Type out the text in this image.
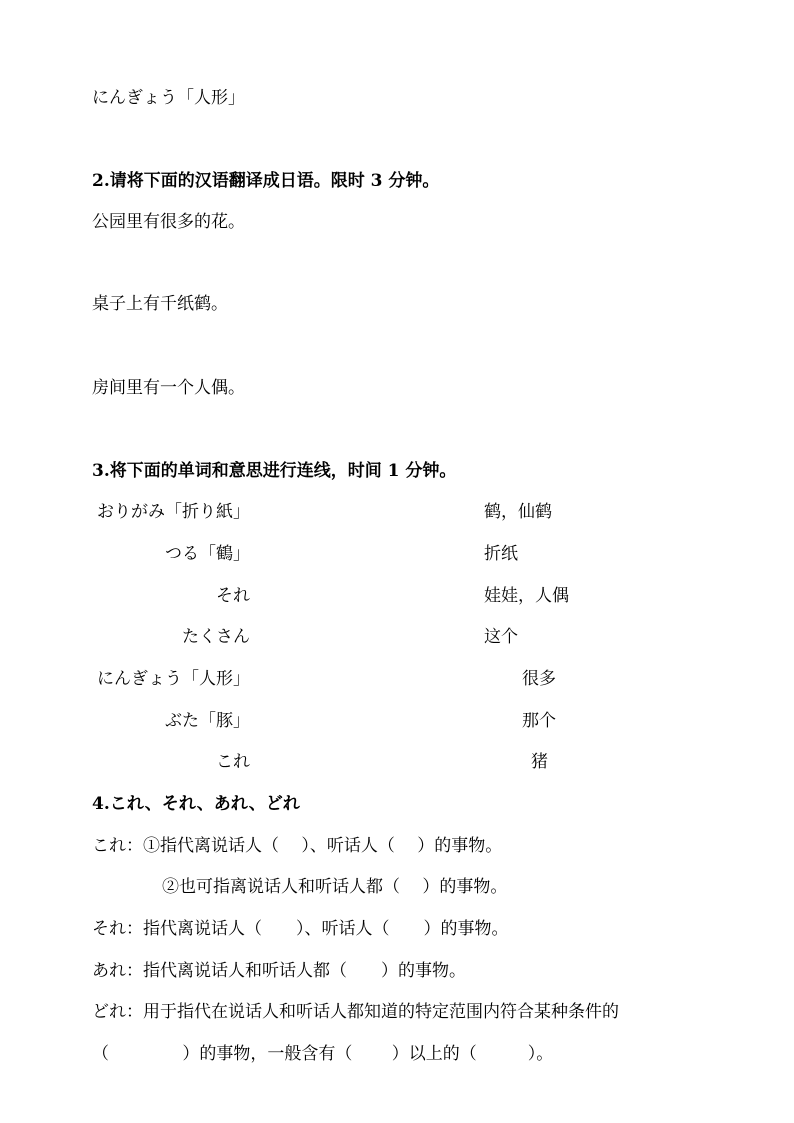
にんぎょう「人形」
2.请将下面的汉语翻译成日语。限时 3 分钟。
公园里有很多的花。
桌子上有千纸鹤。
房间里有一个人偶。
3.将下面的单词和意思进行连线，时间 1 分钟。
おりがみ「折り紙」
つる「鶴」
それ
たくさん
にんぎょう「人形」
ぶた「豚」
これ
鹤，仙鹤
折纸
娃娃，人偶
这个
很多
那个
猪
4.これ、それ、あれ、どれ
これ：①指代离说话人（　 ）、听话人（　 ）的事物。
②也可指离说话人和听话人都（　 ）的事物。
それ：指代离说话人（　　）、听话人（　　）的事物。
あれ：指代离说话人和听话人都（　　）的事物。
どれ：用于指代在说话人和听话人都知道的特定范围内符合某种条件的
（　　　　 ）的事物，一般含有（　　 ）以上的（　　　）。
